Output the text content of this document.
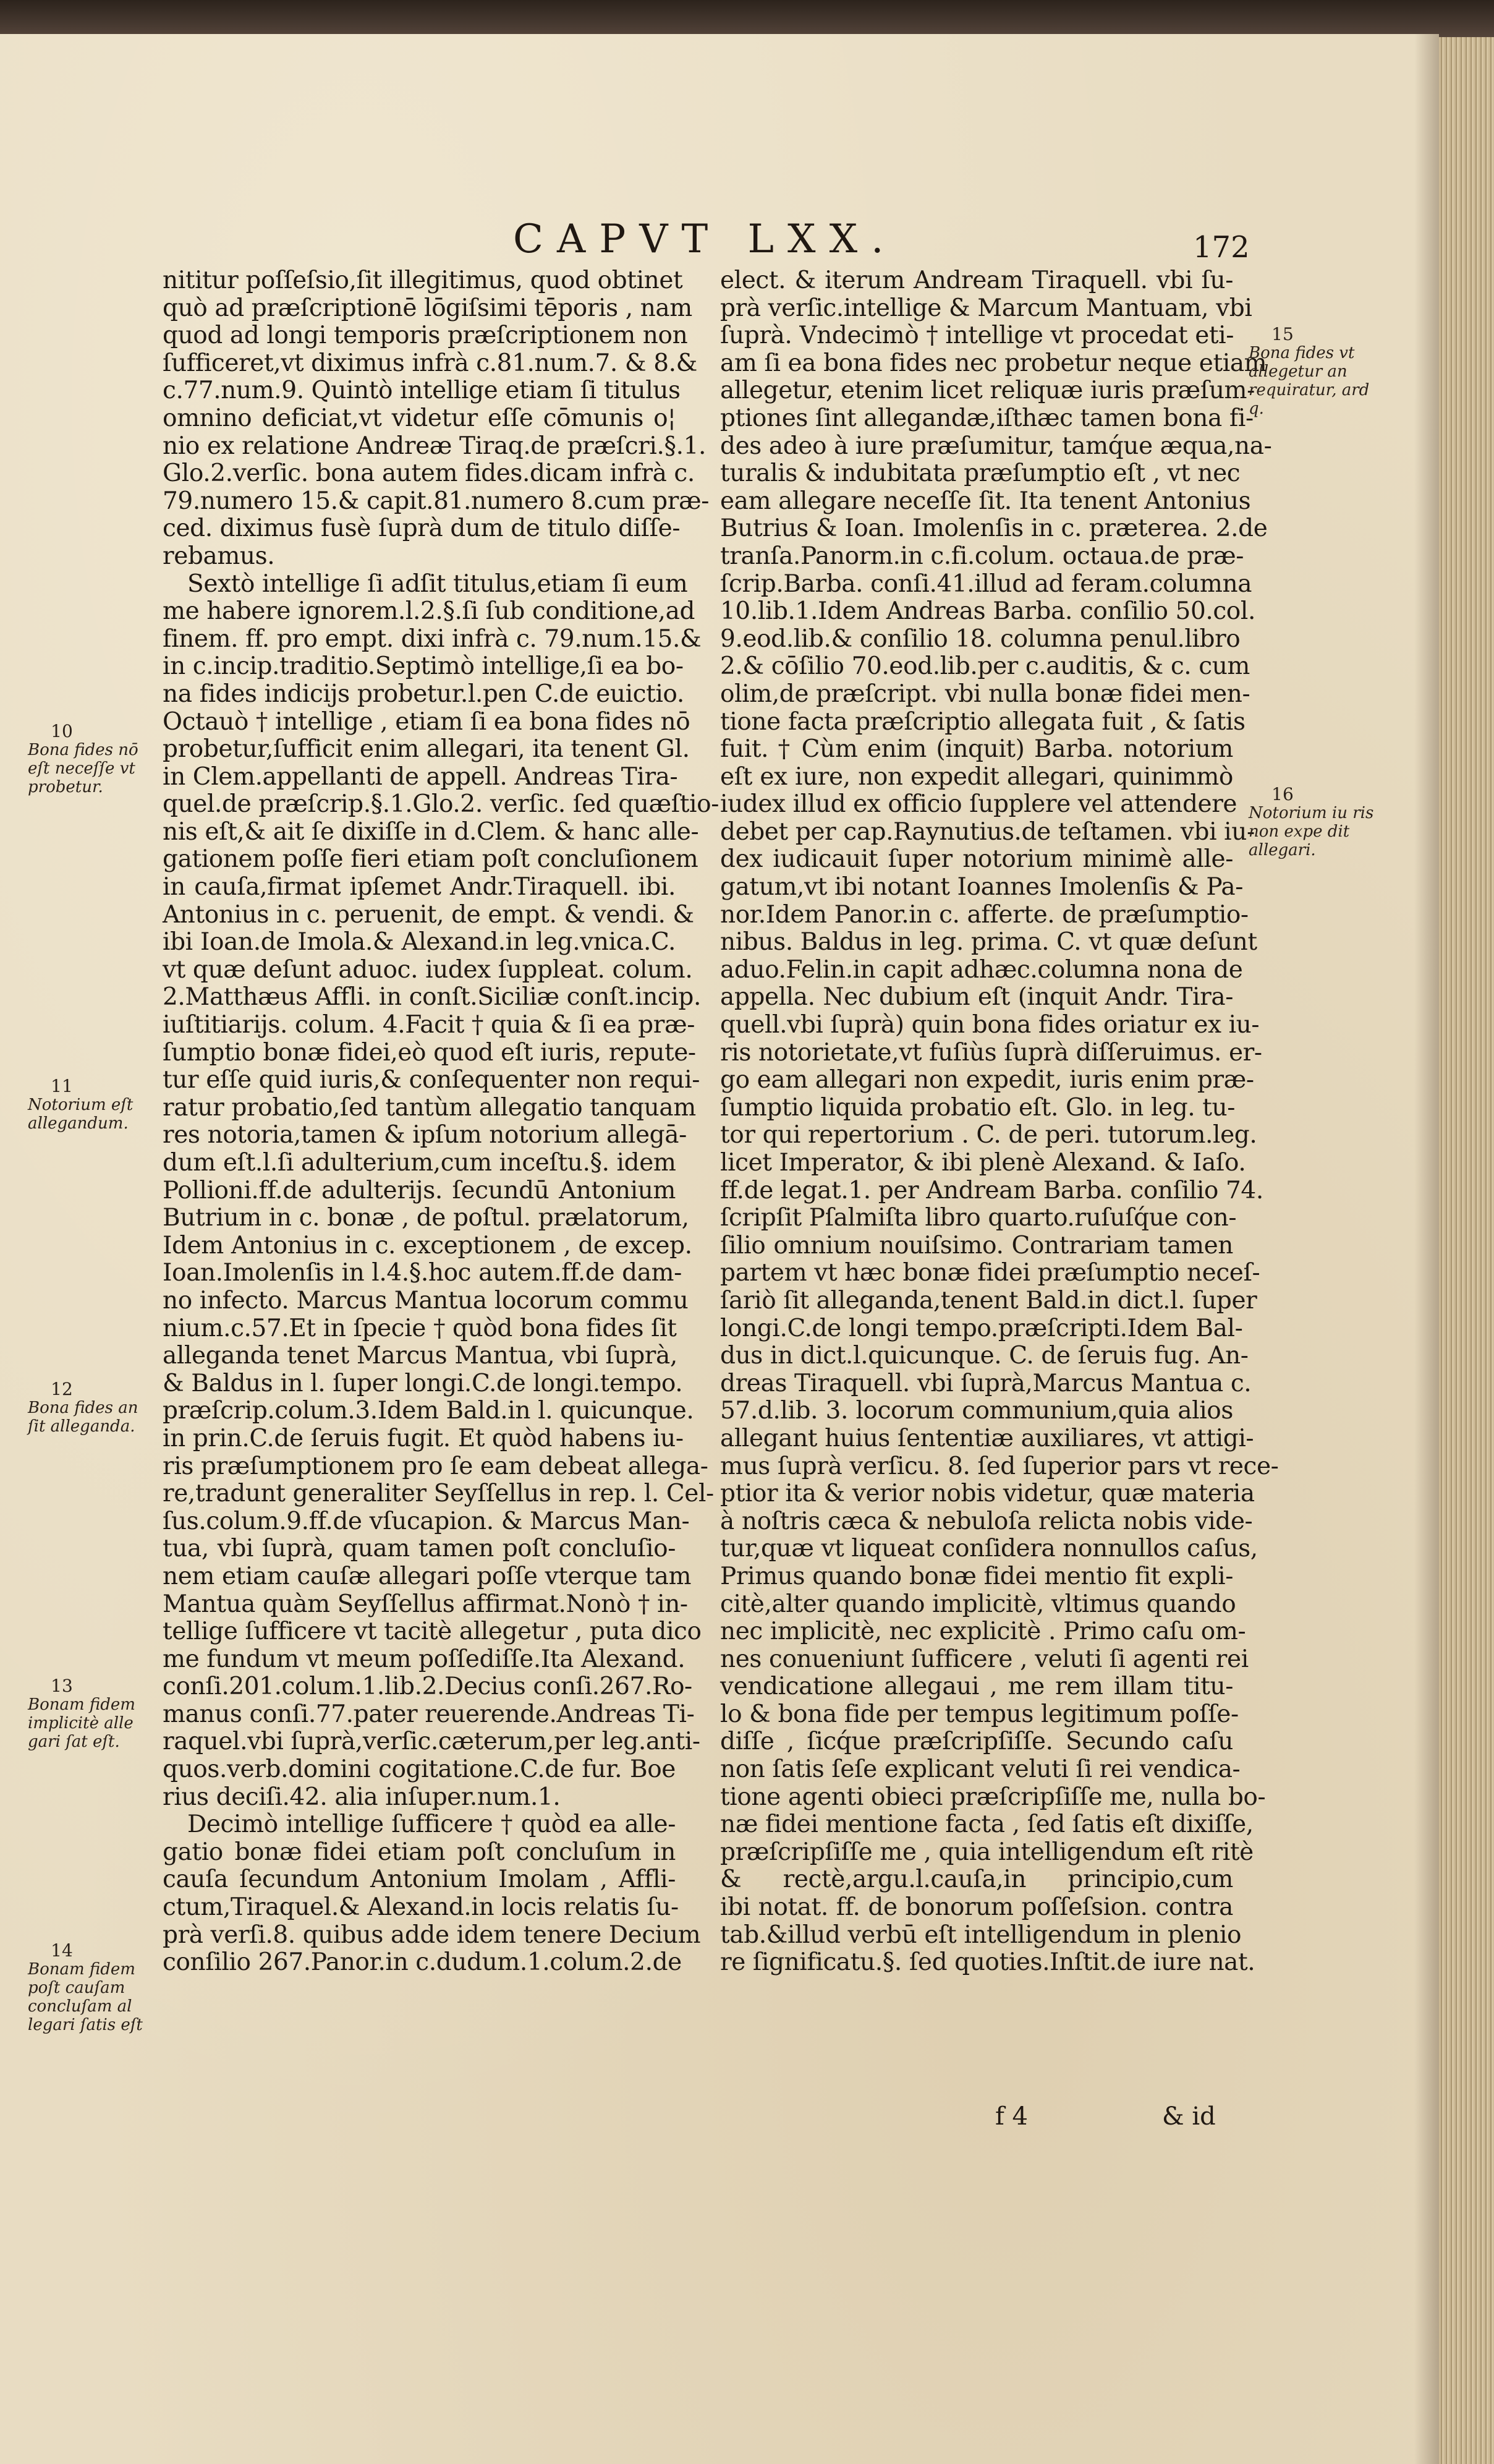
CAPVT LXX.	172
nititur poſſeſsio,ſit illegitimus, quod obtinet
quò ad præſcriptionē lōgiſsimi tēporis , nam
quod ad longi temporis præſcriptionem non
ſufficeret,vt diximus infrà c.81.num.7. & 8.&
c.77.num.9. Quintò intellige etiam ſi titulus
omnino deficiat,vt videtur eſſe cōmunis o¦
nio ex relatione Andreæ Tiraq.de præſcri.§.1.
Glo.2.verſic. bona autem fides.dicam infrà c.
79.numero 15.& capit.81.numero 8.cum præ-
ced. diximus fusè ſuprà dum de titulo diſſe-
rebamus.
Sextò intellige ſi adſit titulus,etiam ſi eum
me habere ignorem.l.2.§.ſi ſub conditione,ad
finem. ff. pro empt. dixi infrà c. 79.num.15.&
in c.incip.traditio.Septimò intellige,ſi ea bo-
na fides indicijs probetur.l.pen C.de euictio.
Octauò † intellige , etiam ſi ea bona fides nō
probetur,ſufficit enim allegari, ita tenent Gl.
in Clem.appellanti de appell. Andreas Tira-
quel.de præſcrip.§.1.Glo.2. verſic. ſed quæſtio-
nis eſt,& ait ſe dixiſſe in d.Clem. & hanc alle-
gationem poſſe fieri etiam poſt concluſionem
in cauſa,firmat ipſemet Andr.Tiraquell. ibi.
Antonius in c. peruenit, de empt. & vendi. &
ibi Ioan.de Imola.& Alexand.in leg.vnica.C.
vt quæ deſunt aduoc. iudex ſuppleat. colum.
2.Matthæus Affli. in conſt.Siciliæ conſt.incip.
iuſtitiarijs. colum. 4.Facit † quia & ſi ea præ-
ſumptio bonæ fidei,eò quod eſt iuris, repute-
tur eſſe quid iuris,& conſequenter non requi-
ratur probatio,ſed tantùm allegatio tanquam
res notoria,tamen & ipſum notorium allegā-
dum eſt.l.ſi adulterium,cum inceſtu.§. idem
Pollioni.ff.de adulterijs. ſecundū Antonium
Butrium in c. bonæ , de poſtul. prælatorum,
Idem Antonius in c. exceptionem , de excep.
Ioan.Imolenſis in l.4.§.hoc autem.ff.de dam-
no infecto. Marcus Mantua locorum commu
nium.c.57.Et in ſpecie † quòd bona fides ſit
alleganda tenet Marcus Mantua, vbi ſuprà,
& Baldus in l. ſuper longi.C.de longi.tempo.
præſcrip.colum.3.Idem Bald.in l. quicunque.
in prin.C.de ſeruis fugit. Et quòd habens iu-
ris præſumptionem pro ſe eam debeat allega-
re,tradunt generaliter Seyſſellus in rep. l. Cel-
ſus.colum.9.ff.de vſucapion. & Marcus Man-
tua, vbi ſuprà, quam tamen poſt concluſio-
nem etiam cauſæ allegari poſſe vterque tam
Mantua quàm Seyſſellus affirmat.Nonò † in-
tellige ſufficere vt tacitè allegetur , puta dico
me fundum vt meum poſſediſſe.Ita Alexand.
conſi.201.colum.1.lib.2.Decius conſi.267.Ro-
manus conſi.77.pater reuerende.Andreas Ti-
raquel.vbi ſuprà,verſic.cæterum,per leg.anti-
quos.verb.domini cogitatione.C.de fur. Boe
rius deciſi.42. alia inſuper.num.1.
Decimò intellige ſufficere † quòd ea alle-
gatio bonæ fidei etiam poſt concluſum in
cauſa ſecundum Antonium Imolam , Affli-
ctum,Tiraquel.& Alexand.in locis relatis ſu-
prà verſi.8. quibus adde idem tenere Decium
conſilio 267.Panor.in c.dudum.1.colum.2.de
elect. & iterum Andream Tiraquell. vbi ſu-
prà verſic.intellige & Marcum Mantuam, vbi
ſuprà. Vndecimò † intellige vt procedat eti-
am ſi ea bona fides nec probetur neque etiam
allegetur, etenim licet reliquæ iuris præſum-
ptiones ſint allegandæ,iſthæc tamen bona fi-
des adeo à iure præſumitur, tamq́ue æqua,na-
turalis & indubitata præſumptio eſt , vt nec
eam allegare neceſſe ſit. Ita tenent Antonius
Butrius & Ioan. Imolenſis in c. præterea. 2.de
tranſa.Panorm.in c.fi.colum. octaua.de præ-
ſcrip.Barba. conſi.41.illud ad feram.columna
10.lib.1.Idem Andreas Barba. conſilio 50.col.
9.eod.lib.& conſilio 18. columna penul.libro
2.& cōſilio 70.eod.lib.per c.auditis, & c. cum
olim,de præſcript. vbi nulla bonæ fidei men-
tione facta præſcriptio allegata fuit , & ſatis
fuit. † Cùm enim (inquit) Barba. notorium
eſt ex iure, non expedit allegari, quinimmò
iudex illud ex officio ſupplere vel attendere
debet per cap.Raynutius.de teſtamen. vbi iu-
dex iudicauit ſuper notorium minimè alle-
gatum,vt ibi notant Ioannes Imolenſis & Pa-
nor.Idem Panor.in c. afferte. de præſumptio-
nibus. Baldus in leg. prima. C. vt quæ deſunt
aduo.Felin.in capit adhæc.columna nona de
appella. Nec dubium eſt (inquit Andr. Tira-
quell.vbi ſuprà) quin bona fides oriatur ex iu-
ris notorietate,vt fuſiùs ſuprà diſſeruimus. er-
go eam allegari non expedit, iuris enim præ-
ſumptio liquida probatio eſt. Glo. in leg. tu-
tor qui repertorium . C. de peri. tutorum.leg.
licet Imperator, & ibi plenè Alexand. & Iaſo.
ff.de legat.1. per Andream Barba. conſilio 74.
ſcripſit Pſalmiſta libro quarto.ruſuſq́ue con-
ſilio omnium nouiſsimo. Contrariam tamen
partem vt hæc bonæ fidei præſumptio neceſ-
ſariò ſit alleganda,tenent Bald.in dict.l. ſuper
longi.C.de longi tempo.præſcripti.Idem Bal-
dus in dict.l.quicunque. C. de ſeruis fug. An-
dreas Tiraquell. vbi ſuprà,Marcus Mantua c.
57.d.lib. 3. locorum communium,quia alios
allegant huius ſententiæ auxiliares, vt attigi-
mus ſuprà verſicu. 8. ſed ſuperior pars vt rece-
ptior ita & verior nobis videtur, quæ materia
à noſtris cæca & nebuloſa relicta nobis vide-
tur,quæ vt liqueat conſidera nonnullos caſus,
Primus quando bonæ fidei mentio fit expli-
citè,alter quando implicitè, vltimus quando
nec implicitè, nec explicitè . Primo caſu om-
nes conueniunt ſufficere , veluti ſi agenti rei
vendicatione allegaui , me rem illam titu-
lo & bona fide per tempus legitimum poſſe-
diſſe , ſicq́ue præſcripſiſſe. Secundo caſu
non ſatis ſeſe explicant veluti ſi rei vendica-
tione agenti obieci præſcripſiſſe me, nulla bo-
næ fidei mentione facta , ſed ſatis eſt dixiſſe,
præſcripſiſſe me , quia intelligendum eſt ritè
& rectè,argu.l.cauſa,in principio,cum
ibi notat. ff. de bonorum poſſeſsion. contra
tab.&illud verbū eſt intelligendum in plenio
re ſignificatu.§. ſed quoties.Inſtit.de iure nat.
10
Bona fides nō eſt neceſſe vt probetur.
11
Notorium eſt allegandum.
12
Bona fides an ſit alleganda.
13
Bonam fidem implicitè alle gari ſat eſt.
14
Bonam fidem poſt cauſam concluſam al legari ſatis eſt
15
Bona fides vt allegetur an requiratur, ard q.
16
Notorium iu ris non expe dit allegari.
f 4	& id
